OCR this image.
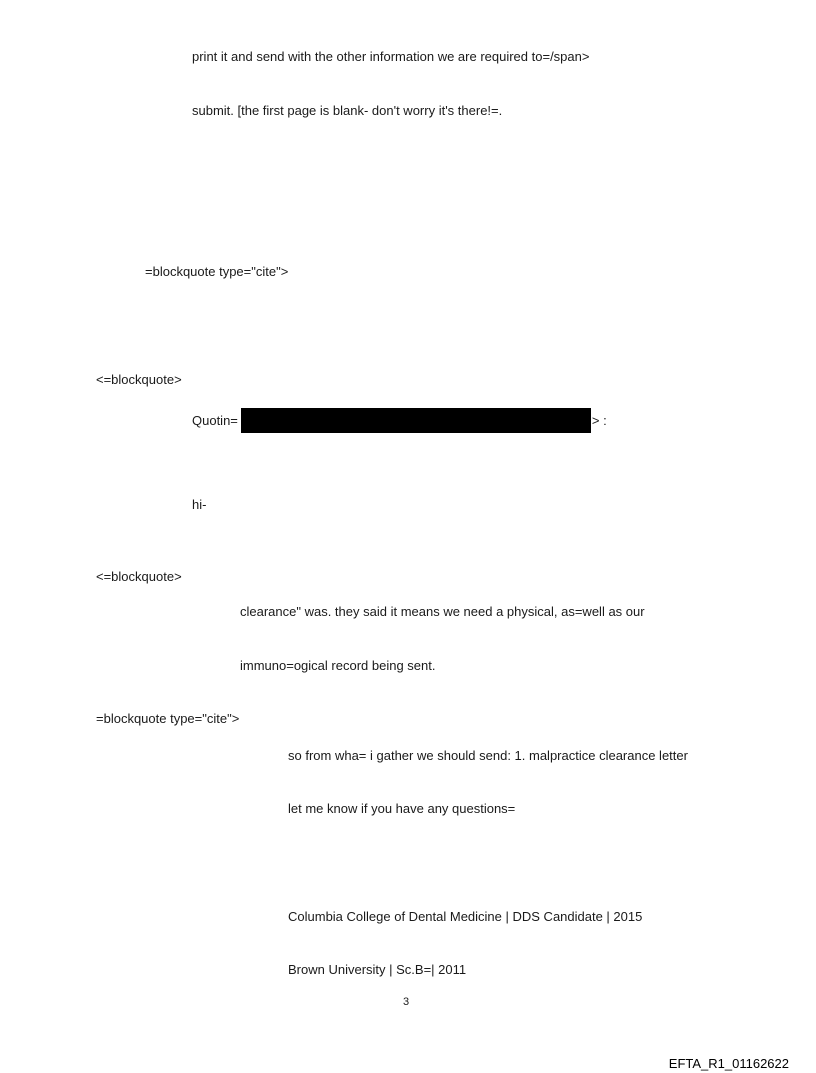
print it and send with the other information we are required to=/span>

submit. [the first page is blank- don't worry it's there!=.

=blockquote type="cite">

<=blockquote>

Quotin=	> :

hi-

<=blockquote>

clearance" was. they said it means we need a physical, as=well as our

immuno=ogical record being sent.

=blockquote type="cite">

so from wha= i gather we should send: 1. malpractice clearance letter

let me know if you have any questions=

Columbia College of Dental Medicine | DDS Candidate | 2015

Brown University | Sc.B=| 2011

3

EFTA_R1_01162622
